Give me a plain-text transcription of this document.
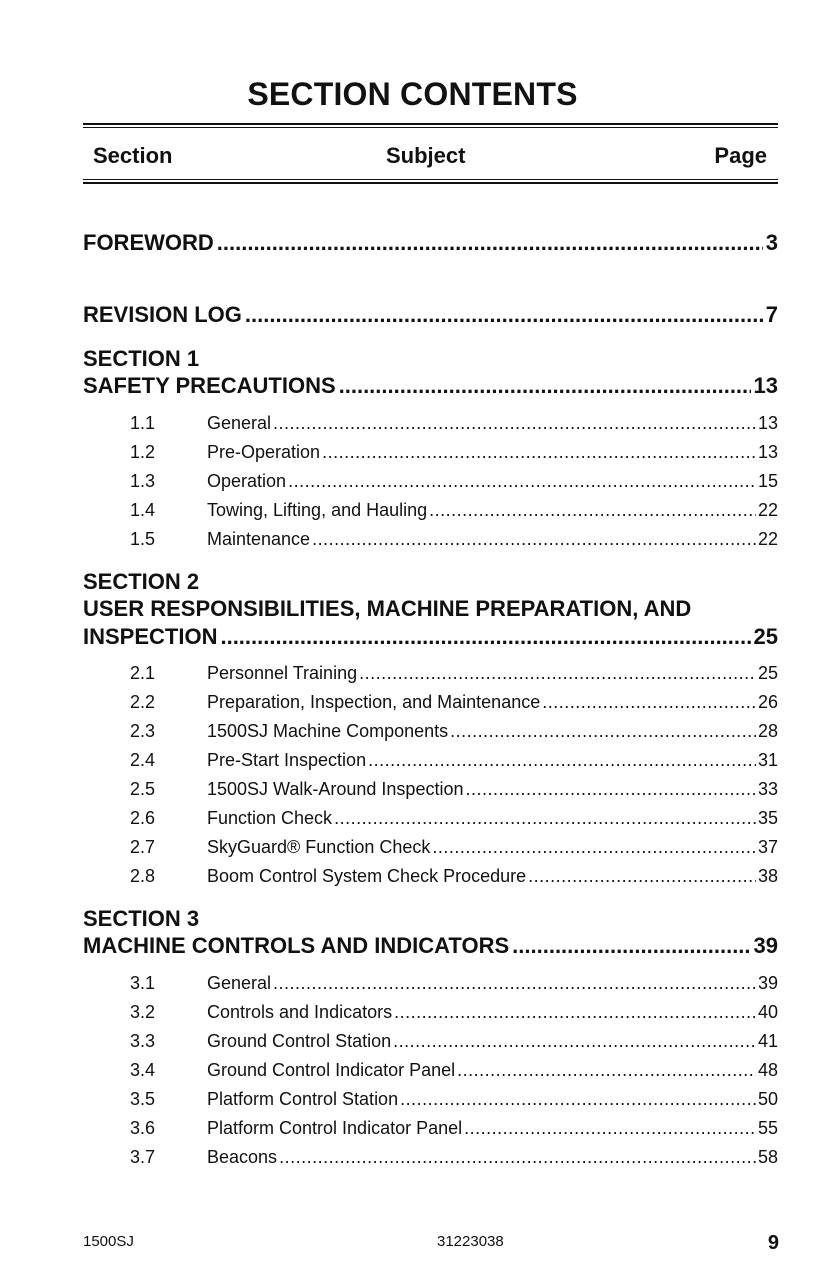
SECTION CONTENTS
Section	Subject	Page
FOREWORD .....	3
REVISION LOG .....	7
SECTION 1
SAFETY PRECAUTIONS .....	13
1.1	General .....	13
1.2	Pre-Operation .....	13
1.3	Operation .....	15
1.4	Towing, Lifting, and Hauling .....	22
1.5	Maintenance .....	22
SECTION 2
USER RESPONSIBILITIES, MACHINE PREPARATION, AND
INSPECTION .....	25
2.1	Personnel Training .....	25
2.2	Preparation, Inspection, and Maintenance .....	26
2.3	1500SJ Machine Components .....	28
2.4	Pre-Start Inspection .....	31
2.5	1500SJ Walk-Around Inspection .....	33
2.6	Function Check .....	35
2.7	SkyGuard® Function Check .....	37
2.8	Boom Control System Check Procedure .....	38
SECTION 3
MACHINE CONTROLS AND INDICATORS .....	39
3.1	General .....	39
3.2	Controls and Indicators .....	40
3.3	Ground Control Station .....	41
3.4	Ground Control Indicator Panel .....	48
3.5	Platform Control Station .....	50
3.6	Platform Control Indicator Panel .....	55
3.7	Beacons .....	58
1500SJ	31223038	9
